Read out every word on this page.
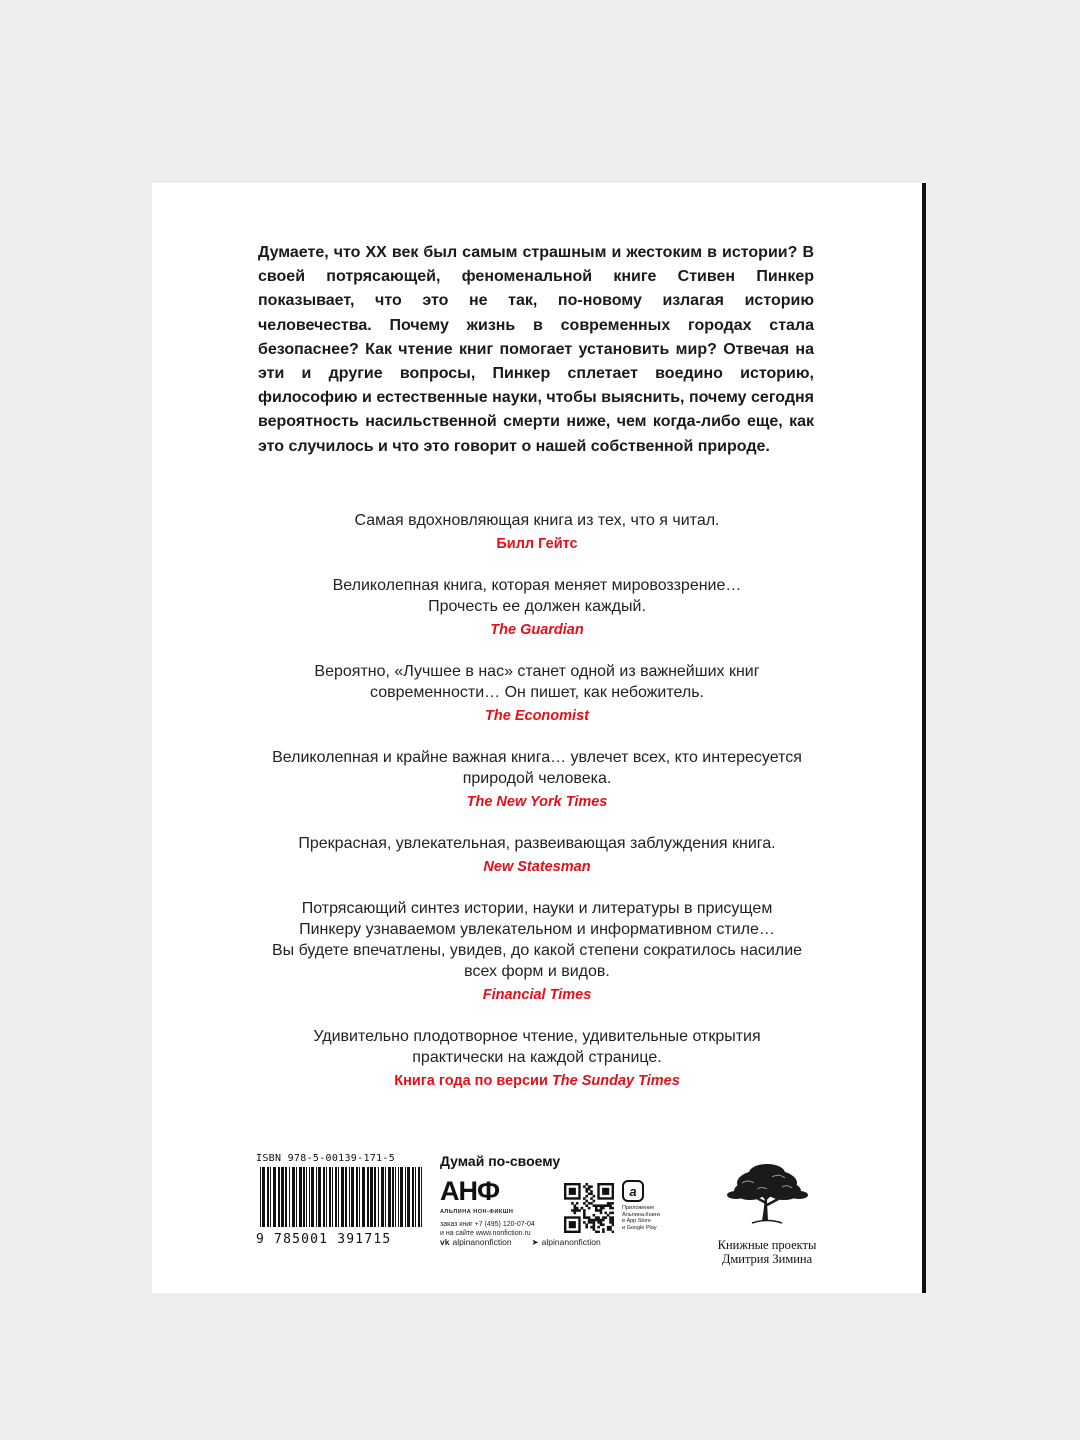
Думаете, что XX век был самым страшным и жестоким в истории? В своей потрясающей, феноменальной книге Стивен Пинкер показывает, что это не так, по-новому излагая историю человечества. Почему жизнь в современных городах стала безопаснее? Как чтение книг помогает установить мир? Отвечая на эти и другие вопросы, Пинкер сплетает воедино историю, философию и естественные науки, чтобы выяснить, почему сегодня вероятность насильственной смерти ниже, чем когда-либо еще, как это случилось и что это говорит о нашей собственной природе.

Самая вдохновляющая книга из тех, что я читал.

Билл Гейтс

Великолепная книга, которая меняет мировоззрение…
Прочесть ее должен каждый.

The Guardian

Вероятно, «Лучшее в нас» станет одной из важнейших книг
современности… Он пишет, как небожитель.

The Economist

Великолепная и крайне важная книга… увлечет всех, кто интересуется
природой человека.

The New York Times

Прекрасная, увлекательная, развеивающая заблуждения книга.

New Statesman

Потрясающий синтез истории, науки и литературы в присущем
Пинкеру узнаваемом увлекательном и информативном стиле…
Вы будете впечатлены, увидев, до какой степени сократилось насилие
всех форм и видов.

Financial Times

Удивительно плодотворное чтение, удивительные открытия
практически на каждой странице.

Книга года по версии The Sunday Times

ISBN 978-5-00139-171-5

9 785001 391715

Думай по-своему

АНФ

АЛЬПИНА НОН-ФИКШН

заказ книг +7 (495) 120-07-04
и на сайте www.nonfiction.ru

vk alpinanonfiction ➤ alpinanonfiction
a
Приложение
Альпина.Книги
в App Store
и Google Play

Книжные проекты
Дмитрия Зимина
